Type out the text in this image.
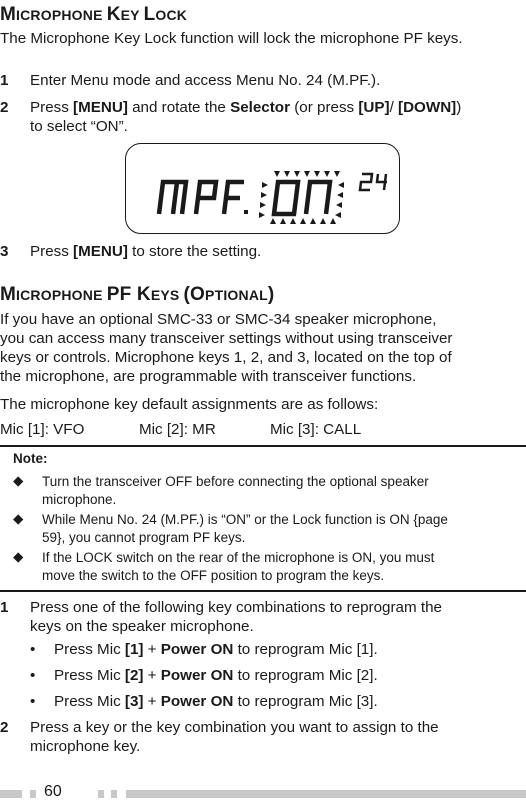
MICROPHONE KEY LOCK
The Microphone Key Lock function will lock the microphone PF keys.
1 Enter Menu mode and access Menu No. 24 (M.PF.).
2 Press [MENU] and rotate the Selector (or press [UP]/ [DOWN])
to select “ON”.
3 Press [MENU] to store the setting.
MICROPHONE PF KEYS (OPTIONAL)
If you have an optional SMC-33 or SMC-34 speaker microphone,
you can access many transceiver settings without using transceiver
keys or controls. Microphone keys 1, 2, and 3, located on the top of
the microphone, are programmable with transceiver functions.
The microphone key default assignments are as follows:
Mic [1]: VFO	Mic [2]: MR	Mic [3]: CALL
Note:
◆ Turn the transceiver OFF before connecting the optional speaker
microphone.
◆ While Menu No. 24 (M.PF.) is “ON” or the Lock function is ON {page
59}, you cannot program PF keys.
◆ If the LOCK switch on the rear of the microphone is ON, you must
move the switch to the OFF position to program the keys.
1 Press one of the following key combinations to reprogram the
keys on the speaker microphone.
• Press Mic [1] + Power ON to reprogram Mic [1].
• Press Mic [2] + Power ON to reprogram Mic [2].
• Press Mic [3] + Power ON to reprogram Mic [3].
2 Press a key or the key combination you want to assign to the
microphone key.
60
